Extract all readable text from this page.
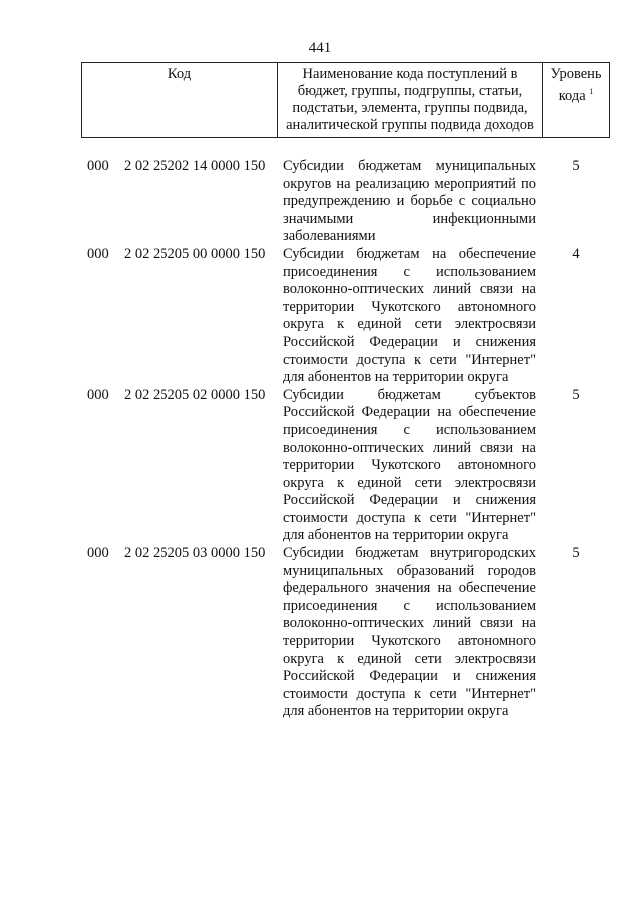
441
Код	Наименование кода поступлений в бюджет, группы, подгруппы, статьи, подстатьи, элемента, группы подвида, аналитической группы подвида доходов
Уровень кода $^1$
000 2 02 25202 14 0000 150 Субсидии бюджетам муниципальных округов на реализацию мероприятий по предупреждению и борьбе с социально значимыми инфекционными заболеваниями
5
000 2 02 25205 00 0000 150 Субсидии бюджетам на обеспечение присоединения с использованием волоконно-оптических линий связи на территории Чукотского автономного округа к единой сети электросвязи Российской Федерации и снижения стоимости доступа к сети "Интернет" для абонентов на территории округа
4
000 2 02 25205 02 0000 150 Субсидии бюджетам субъектов Российской Федерации на обеспечение присоединения с использованием волоконно-оптических линий связи на территории Чукотского автономного округа к единой сети электросвязи Российской Федерации и снижения стоимости доступа к сети "Интернет" для абонентов на территории округа
5
000 2 02 25205 03 0000 150 Субсидии бюджетам внутригородских муниципальных образований городов федерального значения на обеспечение присоединения с использованием волоконно-оптических линий связи на территории Чукотского автономного округа к единой сети электросвязи Российской Федерации и снижения стоимости доступа к сети "Интернет" для абонентов на территории округа
5
